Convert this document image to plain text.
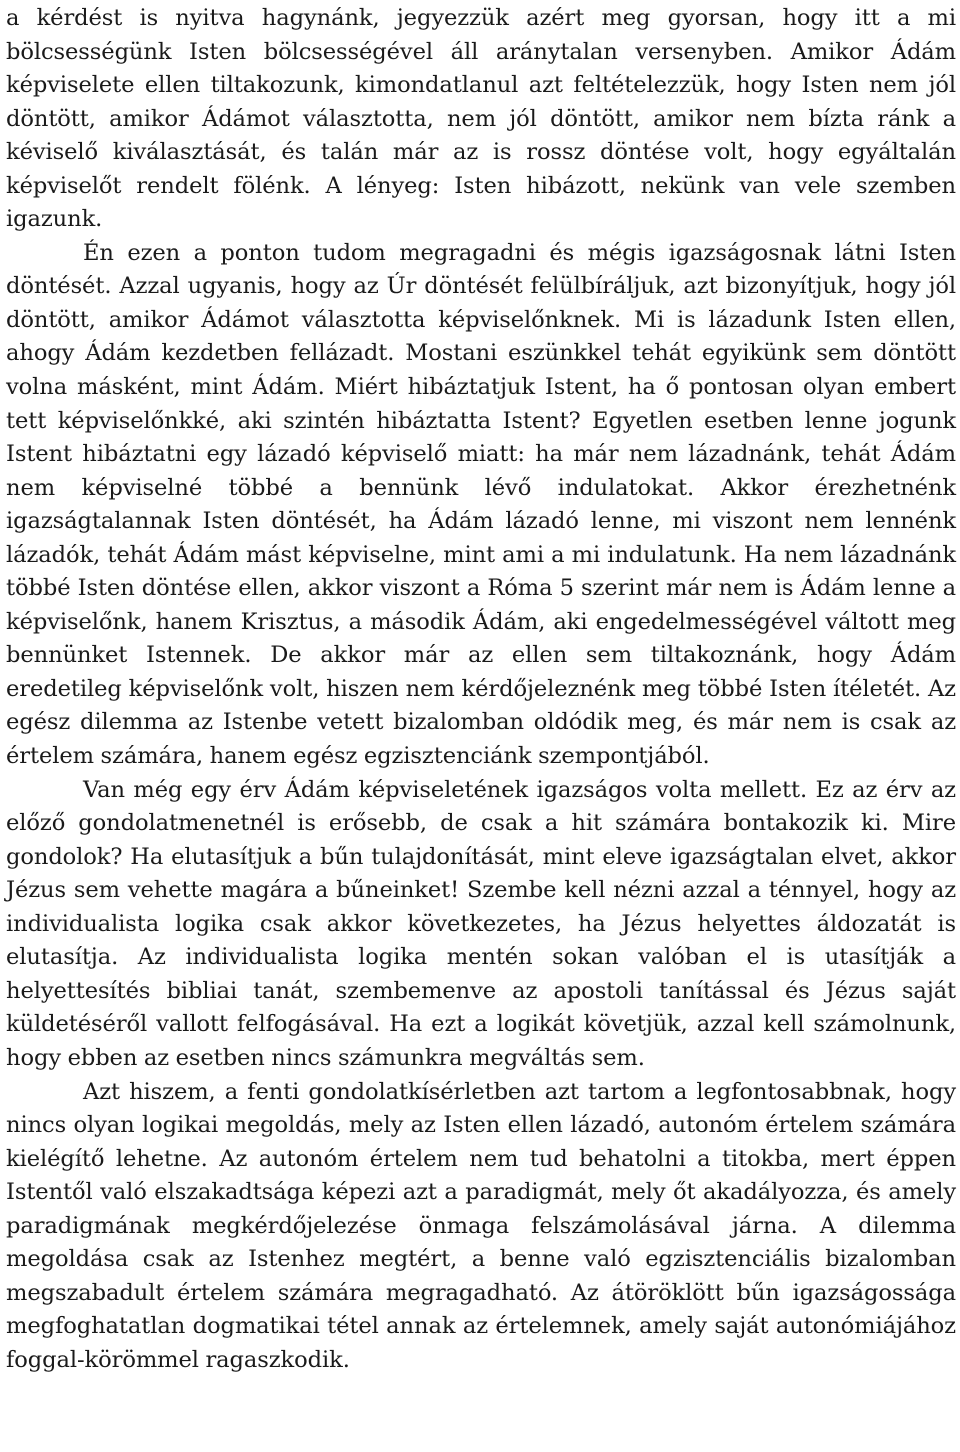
a kérdést is nyitva hagynánk, jegyezzük azért meg gyorsan, hogy itt a mi bölcsességünk Isten bölcsességével áll aránytalan versenyben. Amikor Ádám képviselete ellen tiltakozunk, kimondatlanul azt feltételezzük, hogy Isten nem jól döntött, amikor Ádámot választotta, nem jól döntött, amikor nem bízta ránk a kéviselő kiválasztását, és talán már az is rossz döntése volt, hogy egyáltalán képviselőt rendelt fölénk. A lényeg: Isten hibázott, nekünk van vele szemben igazunk.

Én ezen a ponton tudom megragadni és mégis igazságosnak látni Isten döntését. Azzal ugyanis, hogy az Úr döntését felülbíráljuk, azt bizonyítjuk, hogy jól döntött, amikor Ádámot választotta képviselőnknek. Mi is lázadunk Isten ellen, ahogy Ádám kezdetben fellázadt. Mostani eszünkkel tehát egyikünk sem döntött volna másként, mint Ádám. Miért hibáztatjuk Istent, ha ő pontosan olyan embert tett képviselőnkké, aki szintén hibáztatta Istent? Egyetlen esetben lenne jogunk Istent hibáztatni egy lázadó képviselő miatt: ha már nem lázadnánk, tehát Ádám nem képviselné többé a bennünk lévő indulatokat. Akkor érezhetnénk igazságtalannak Isten döntését, ha Ádám lázadó lenne, mi viszont nem lennénk lázadók, tehát Ádám mást képviselne, mint ami a mi indulatunk. Ha nem lázadnánk többé Isten döntése ellen, akkor viszont a Róma 5 szerint már nem is Ádám lenne a képviselőnk, hanem Krisztus, a második Ádám, aki engedelmességével váltott meg bennünket Istennek. De akkor már az ellen sem tiltakoznánk, hogy Ádám eredetileg képviselőnk volt, hiszen nem kérdőjeleznénk meg többé Isten ítéletét. Az egész dilemma az Istenbe vetett bizalomban oldódik meg, és már nem is csak az értelem számára, hanem egész egzisztenciánk szempontjából.

Van még egy érv Ádám képviseletének igazságos volta mellett. Ez az érv az előző gondolatmenetnél is erősebb, de csak a hit számára bontakozik ki. Mire gondolok? Ha elutasítjuk a bűn tulajdonítását, mint eleve igazságtalan elvet, akkor Jézus sem vehette magára a bűneinket! Szembe kell nézni azzal a ténnyel, hogy az individualista logika csak akkor következetes, ha Jézus helyettes áldozatát is elutasítja. Az individualista logika mentén sokan valóban el is utasítják a helyettesítés bibliai tanát, szembemenve az apostoli tanítással és Jézus saját küldetéséről vallott felfogásával. Ha ezt a logikát követjük, azzal kell számolnunk, hogy ebben az esetben nincs számunkra megváltás sem.

Azt hiszem, a fenti gondolatkísérletben azt tartom a legfontosabbnak, hogy nincs olyan logikai megoldás, mely az Isten ellen lázadó, autonóm értelem számára kielégítő lehetne. Az autonóm értelem nem tud behatolni a titokba, mert éppen Istentől való elszakadtsága képezi azt a paradigmát, mely őt akadályozza, és amely paradigmának megkérdőjelezése önmaga felszámolásával járna. A dilemma megoldása csak az Istenhez megtért, a benne való egzisztenciális bizalomban megszabadult értelem számára megragadható. Az átöröklött bűn igazságossága megfoghatatlan dogmatikai tétel annak az értelemnek, amely saját autonómiájához foggal-körömmel ragaszkodik.
